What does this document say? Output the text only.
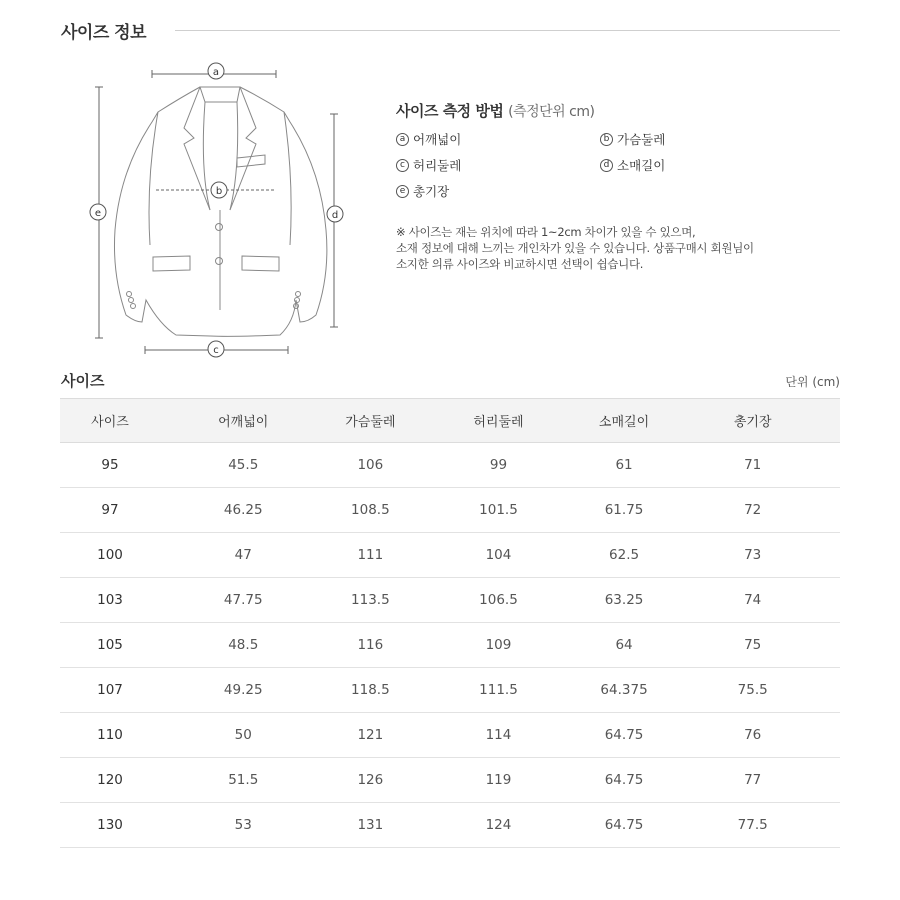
사이즈 정보
a
b
c
d
e
사이즈 측정 방법 (측정단위 cm)
a 어깨넓이	b 가슴둘레
c 허리둘레	d 소매길이
e 총기장
※ 사이즈는 재는 위치에 따라 1~2cm 차이가 있을 수 있으며,
소재 정보에 대해 느끼는 개인차가 있을 수 있습니다. 상품구매시 회원님이
소지한 의류 사이즈와 비교하시면 선택이 쉽습니다.
사이즈	단위 (cm)
사이즈	어깨넓이	가슴둘레	허리둘레	소매길이	총기장
95	45.5	106	99	61	71
97	46.25	108.5	101.5	61.75	72
100	47	111	104	62.5	73
103	47.75	113.5	106.5	63.25	74
105	48.5	116	109	64	75
107	49.25	118.5	111.5	64.375	75.5
110	50	121	114	64.75	76
120	51.5	126	119	64.75	77
130	53	131	124	64.75	77.5
